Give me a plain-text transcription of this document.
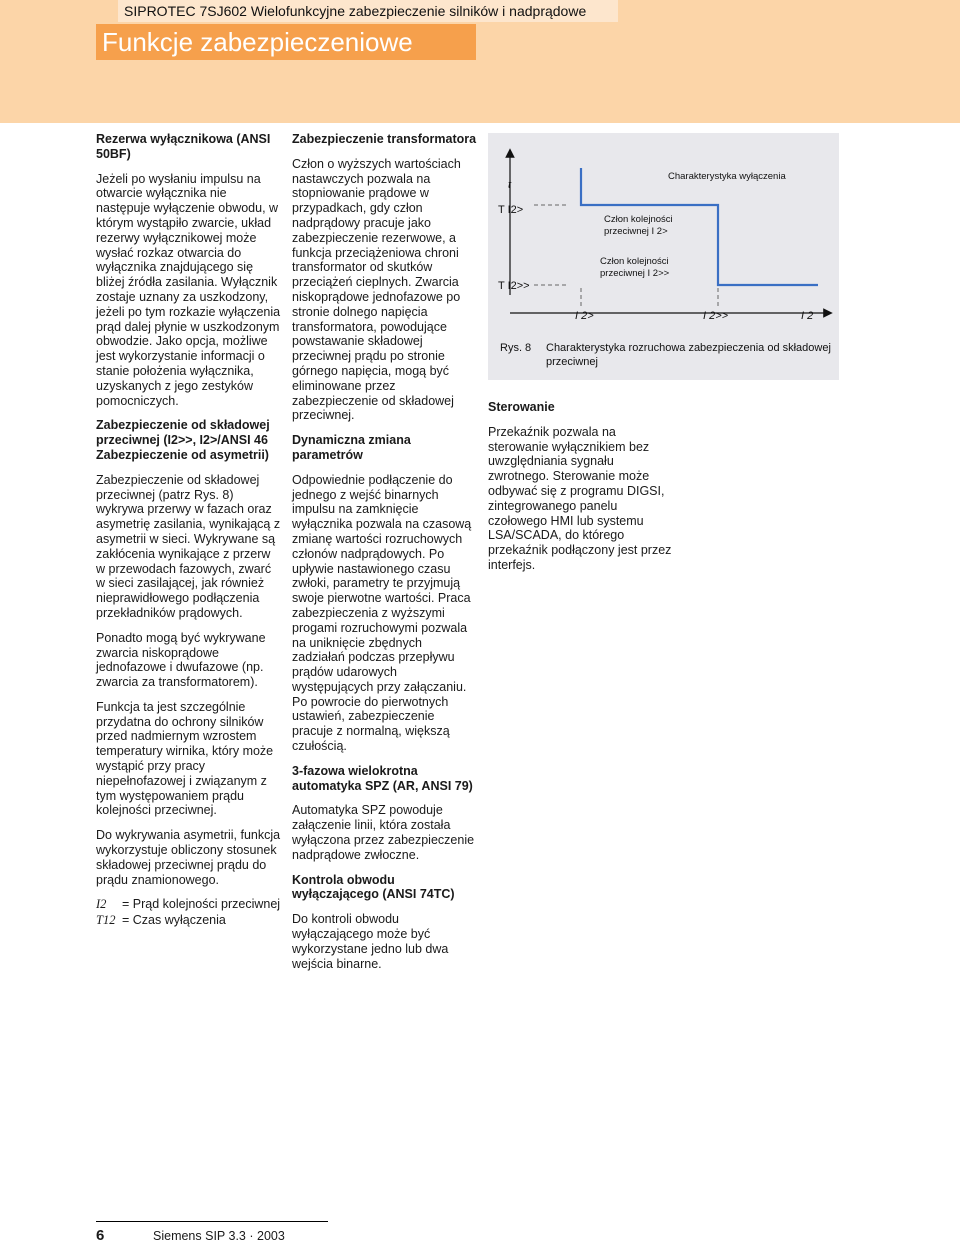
SIPROTEC 7SJ602 Wielofunkcyjne zabezpieczenie silników i nadprądowe
Funkcje zabezpieczeniowe
Rezerwa wyłącznikowa (ANSI 50BF)

Jeżeli po wysłaniu impulsu na otwarcie wyłącznika nie następuje wyłączenie obwodu, w którym wystąpiło zwarcie, układ rezerwy wyłącznikowej może wysłać rozkaz otwarcia do wyłącznika znajdującego się bliżej źródła zasilania. Wyłącznik zostaje uznany za uszkodzony, jeżeli po tym rozkazie wyłączenia prąd dalej płynie w uszkodzonym obwodzie. Jako opcja, możliwe jest wykorzystanie informacji o stanie położenia wyłącznika, uzyskanych z jego zestyków pomocniczych.

Zabezpieczenie od składowej przeciwnej (I2>>, I2>/ANSI 46 Zabezpieczenie od asymetrii)

Zabezpieczenie od składowej przeciwnej (patrz Rys. 8) wykrywa przerwy w fazach oraz asymetrię zasilania, wynikającą z asymetrii w sieci. Wykrywane są zakłócenia wynikające z przerw w przewodach fazowych, zwarć w sieci zasilającej, jak również nieprawidłowego podłączenia przekładników prądowych.

Ponadto mogą być wykrywane zwarcia niskoprądowe jednofazowe i dwufazowe (np. zwarcia za transformatorem).

Funkcja ta jest szczególnie przydatna do ochrony silników przed nadmiernym wzrostem temperatury wirnika, który może wystąpić przy pracy niepełnofazowej i związanym z tym występowaniem prądu kolejności przeciwnej.

Do wykrywania asymetrii, funkcja wykorzystuje obliczony stosunek składowej przeciwnej prądu do prądu znamionowego.

I2	= Prąd kolejności przeciwnej
T12 = Czas wyłączenia
Zabezpieczenie transformatora

Człon o wyższych wartościach nastawczych pozwala na stopniowanie prądowe w przypadkach, gdy człon nadprądowy pracuje jako zabezpieczenie rezerwowe, a funkcja przeciążeniowa chroni transformator od skutków przeciążeń cieplnych. Zwarcia niskoprądowe jednofazowe po stronie dolnego napięcia transformatora, powodujące powstawanie składowej przeciwnej prądu po stronie górnego napięcia, mogą być eliminowane przez zabezpieczenie od składowej przeciwnej.

Dynamiczna zmiana parametrów

Odpowiednie podłączenie do jednego z wejść binarnych impulsu na zamknięcie wyłącznika pozwala na czasową zmianę wartości rozruchowych członów nadprądowych. Po upływie nastawionego czasu zwłoki, parametry te przyjmują swoje pierwotne wartości. Praca zabezpieczenia z wyższymi progami rozruchowymi pozwala na uniknięcie zbędnych zadziałań podczas przepływu prądów udarowych występujących przy załączaniu. Po powrocie do pierwotnych ustawień, zabezpieczenie pracuje z normalną, większą czułością.

3-fazowa wielokrotna automatyka SPZ (AR, ANSI 79)

Automatyka SPZ powoduje załączenie linii, która została wyłączona przez zabezpieczenie nadprądowe zwłoczne.

Kontrola obwodu wyłączającego (ANSI 74TC)

Do kontroli obwodu wyłączającego może być wykorzystane jedno lub dwa wejścia binarne.

t
T I2>
T I2>>
Charakterystyka wyłączenia
Człon kolejności
przeciwnej I 2>
Człon kolejności
przeciwnej I 2>>
I 2>	I 2>>	I 2
Rys. 8 Charakterystyka rozruchowa zabezpieczenia od składowej
przeciwnej
Sterowanie

Przekaźnik pozwala na sterowanie wyłącznikiem bez uwzględniania sygnału zwrotnego. Sterowanie może odbywać się z programu DIGSI, zintegrowanego panelu czołowego HMI lub systemu LSA/SCADA, do którego przekaźnik podłączony jest przez interfejs.

6	Siemens SIP 3.3 · 2003
